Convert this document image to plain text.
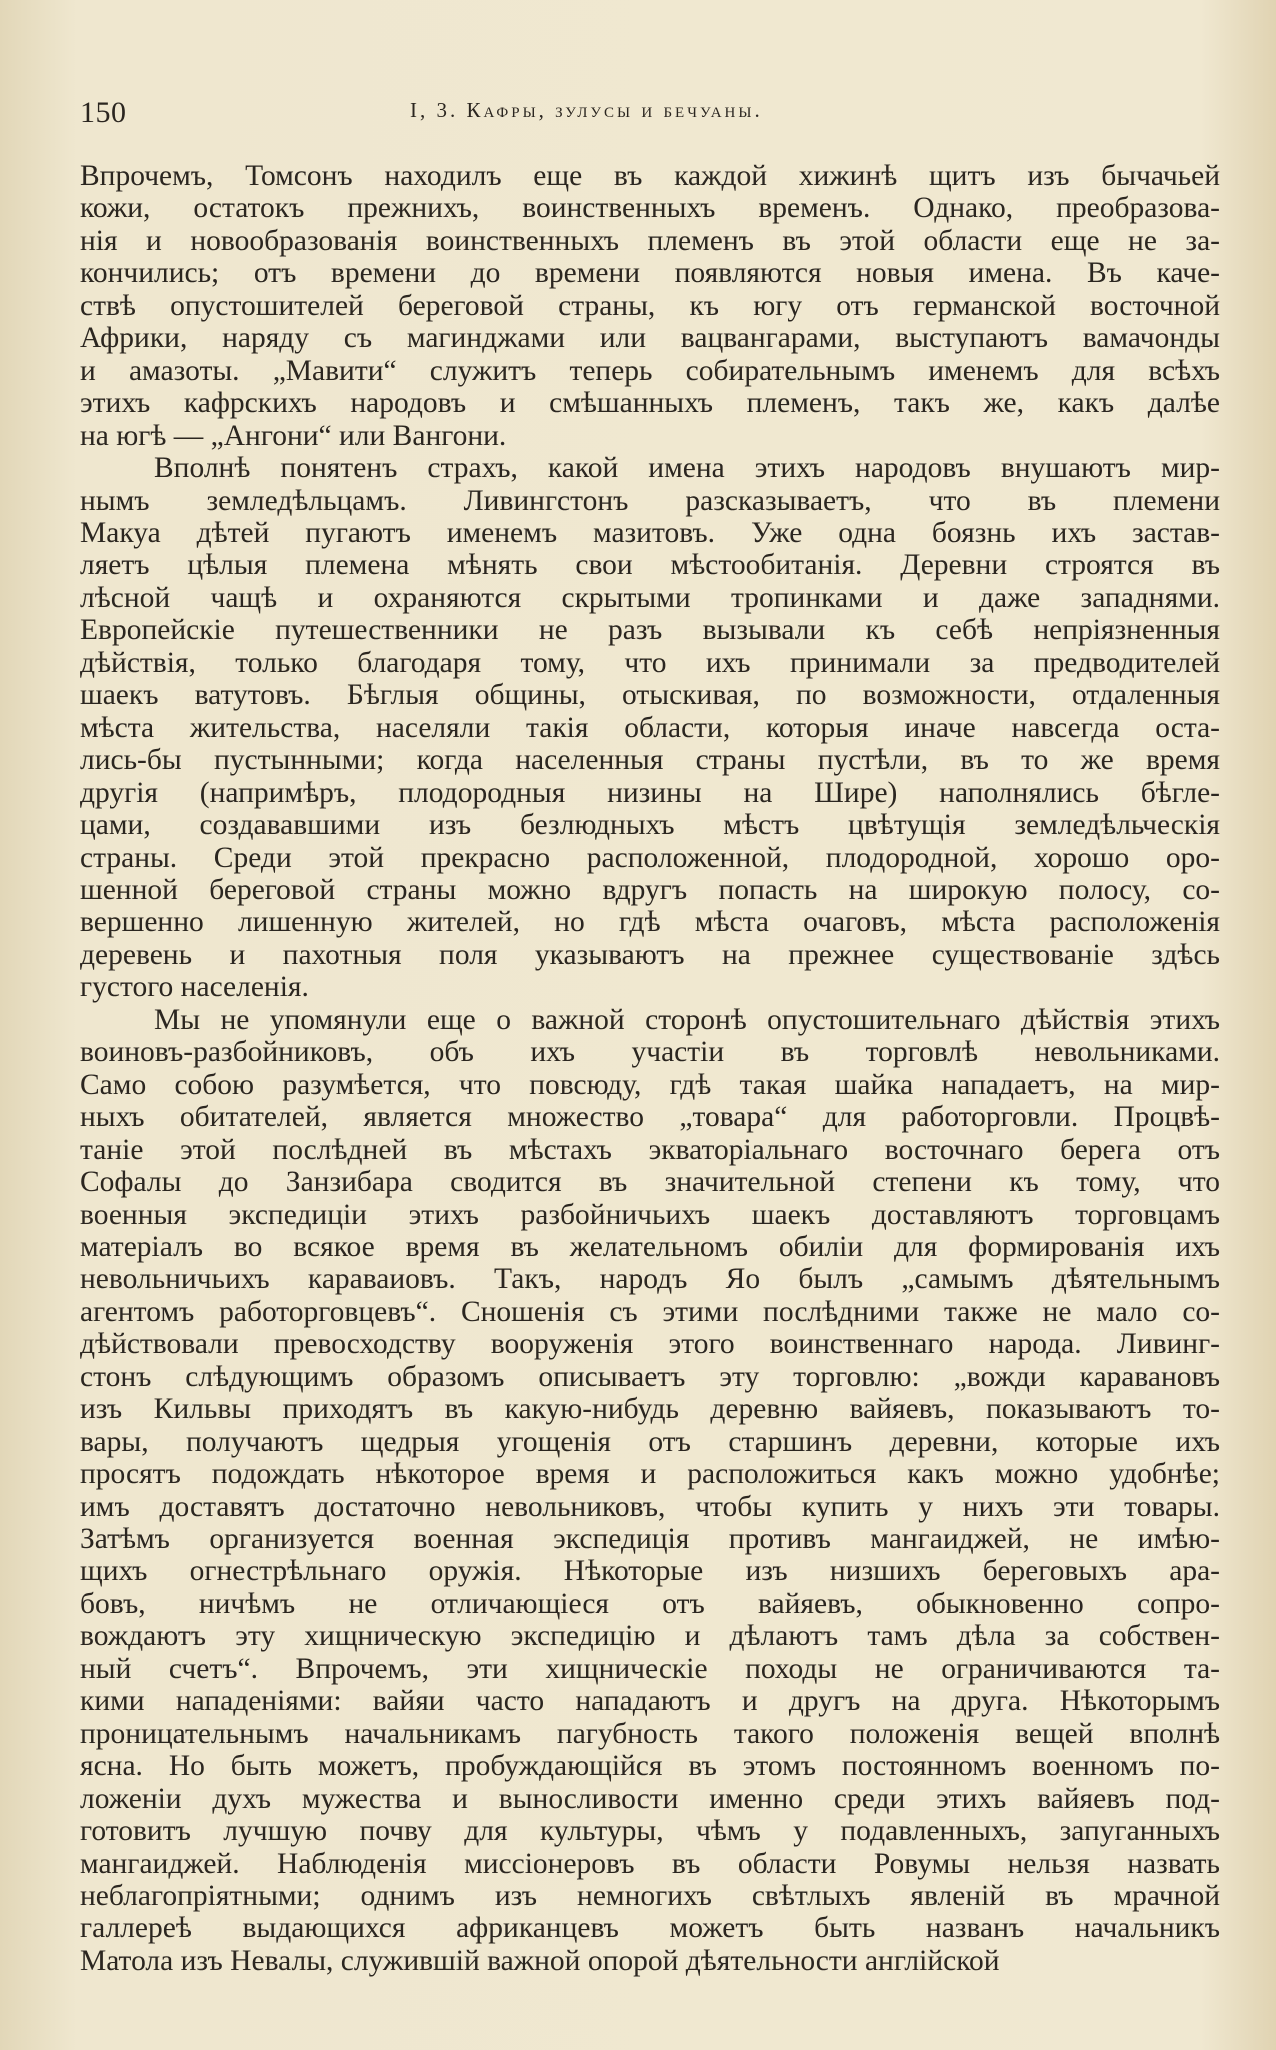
150	I, 3. Кафры, зулусы и бечуаны.
Впрочемъ, Томсонъ находилъ еще въ каждой хижинѣ щитъ изъ бычачьей
кожи, остатокъ прежнихъ, воинственныхъ временъ. Однако, преобразова-
нія и новообразованія воинственныхъ племенъ въ этой области еще не за-
кончились; отъ времени до времени появляются новыя имена. Въ каче-
ствѣ опустошителей береговой страны, къ югу отъ германской восточной
Африки, наряду съ магинджами или вацвангарами, выступаютъ вамачонды
и амазоты. „Мавити“ служитъ теперь собирательнымъ именемъ для всѣхъ
этихъ кафрскихъ народовъ и смѣшанныхъ племенъ, такъ же, какъ далѣе
на югѣ — „Ангони“ или Вангони.
Вполнѣ понятенъ страхъ, какой имена этихъ народовъ внушаютъ мир-
нымъ земледѣльцамъ. Ливингстонъ разсказываетъ, что въ племени
Макуа дѣтей пугаютъ именемъ мазитовъ. Уже одна боязнь ихъ застав-
ляетъ цѣлыя племена мѣнять свои мѣстообитанія. Деревни строятся въ
лѣсной чащѣ и охраняются скрытыми тропинками и даже западнями.
Европейскіе путешественники не разъ вызывали къ себѣ непріязненныя
дѣйствія, только благодаря тому, что ихъ принимали за предводителей
шаекъ ватутовъ. Бѣглыя общины, отыскивая, по возможности, отдаленныя
мѣста жительства, населяли такія области, которыя иначе навсегда оста-
лись-бы пустынными; когда населенныя страны пустѣли, въ то же время
другія (напримѣръ, плодородныя низины на Шире) наполнялись бѣгле-
цами, создававшими изъ безлюдныхъ мѣстъ цвѣтущія земледѣльческія
страны. Среди этой прекрасно расположенной, плодородной, хорошо оро-
шенной береговой страны можно вдругъ попасть на широкую полосу, со-
вершенно лишенную жителей, но гдѣ мѣста очаговъ, мѣста расположенія
деревень и пахотныя поля указываютъ на прежнее существованіе здѣсь
густого населенія.
Мы не упомянули еще о важной сторонѣ опустошительнаго дѣйствія этихъ
воиновъ-разбойниковъ, объ ихъ участіи въ торговлѣ невольниками.
Само собою разумѣется, что повсюду, гдѣ такая шайка нападаетъ, на мир-
ныхъ обитателей, является множество „товара“ для работорговли. Процвѣ-
таніе этой послѣдней въ мѣстахъ экваторіальнаго восточнаго берега отъ
Софалы до Занзибара сводится въ значительной степени къ тому, что
военныя экспедиціи этихъ разбойничьихъ шаекъ доставляютъ торговцамъ
матеріалъ во всякое время въ желательномъ обиліи для формированія ихъ
невольничьихъ караваиовъ. Такъ, народъ Яо былъ „самымъ дѣятельнымъ
агентомъ работорговцевъ“. Сношенія съ этими послѣдними также не мало со-
дѣйствовали превосходству вооруженія этого воинственнаго народа. Ливинг-
стонъ слѣдующимъ образомъ описываетъ эту торговлю: „вожди каравановъ
изъ Кильвы приходятъ въ какую-нибудь деревню вайяевъ, показываютъ то-
вары, получаютъ щедрыя угощенія отъ старшинъ деревни, которые ихъ
просятъ подождать нѣкоторое время и расположиться какъ можно удобнѣе;
имъ доставятъ достаточно невольниковъ, чтобы купить у нихъ эти товары.
Затѣмъ организуется военная экспедиція противъ мангаиджей, не имѣю-
щихъ огнестрѣльнаго оружія. Нѣкоторые изъ низшихъ береговыхъ ара-
бовъ, ничѣмъ не отличающіеся отъ вайяевъ, обыкновенно сопро-
вождаютъ эту хищническую экспедицію и дѣлаютъ тамъ дѣла за собствен-
ный счетъ“. Впрочемъ, эти хищническіе походы не ограничиваются та-
кими нападеніями: вайяи часто нападаютъ и другъ на друга. Нѣкоторымъ
проницательнымъ начальникамъ пагубность такого положенія вещей вполнѣ
ясна. Но быть можетъ, пробуждающійся въ этомъ постоянномъ военномъ по-
ложеніи духъ мужества и выносливости именно среди этихъ вайяевъ под-
готовитъ лучшую почву для культуры, чѣмъ у подавленныхъ, запуганныхъ
мангаиджей. Наблюденія миссіонеровъ въ области Ровумы нельзя назвать
неблагопріятными; однимъ изъ немногихъ свѣтлыхъ явленій въ мрачной
галлереѣ выдающихся африканцевъ можетъ быть названъ начальникъ
Матола изъ Невалы, служившій важной опорой дѣятельности англійской
